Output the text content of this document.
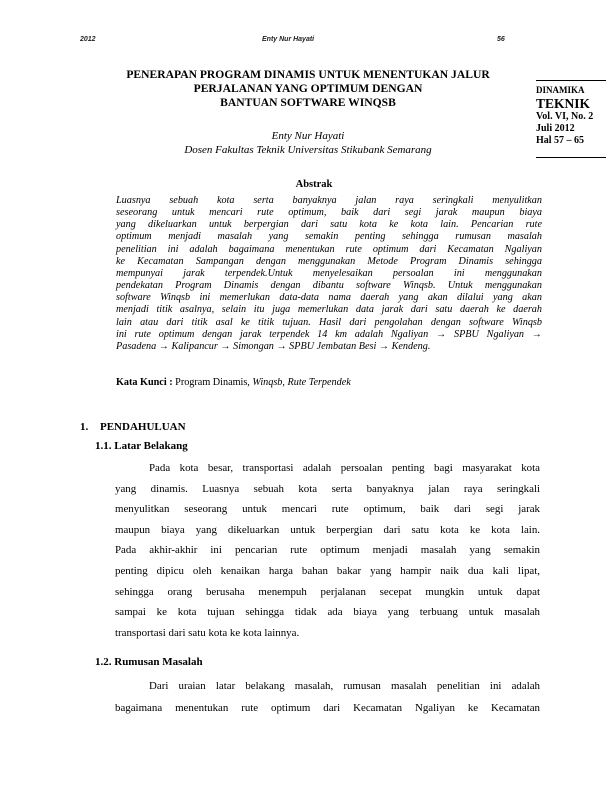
2012	Enty Nur Hayati	56
PENERAPAN PROGRAM DINAMIS UNTUK MENENTUKAN JALUR
PERJALANAN YANG OPTIMUM DENGAN
BANTUAN SOFTWARE WINQSB
DINAMIKA
TEKNIK
Vol. VI, No. 2
Juli 2012
Hal 57 – 65
Enty Nur Hayati
Dosen Fakultas Teknik Universitas Stikubank Semarang
Abstrak

Luasnya sebuah kota serta banyaknya jalan raya seringkali menyulitkan
seseorang untuk mencari rute optimum, baik dari segi jarak maupun biaya
yang dikeluarkan untuk berpergian dari satu kota ke kota lain. Pencarian rute
optimum menjadi masalah yang semakin penting sehingga rumusan masalah
penelitian ini adalah bagaimana menentukan rute optimum dari Kecamatan Ngaliyan
ke Kecamatan Sampangan dengan menggunakan Metode Program Dinamis sehingga
mempunyai jarak terpendek.Untuk menyelesaikan persoalan ini menggunakan
pendekatan Program Dinamis dengan dibantu software Winqsb. Untuk menggunakan
software Winqsb ini memerlukan data-data nama daerah yang akan dilalui yang akan
menjadi titik asalnya, selain itu juga memerlukan data jarak dari satu daerah ke daerah
lain atau dari titik asal ke titik tujuan. Hasil dari pengolahan dengan software Winqsb
ini rute optimum dengan jarak terpendek 14 km adalah Ngaliyan → SPBU Ngaliyan →
Pasadena → Kalipancur → Simongan → SPBU Jembatan Besi → Kendeng.

Kata Kunci : Program Dinamis, Winqsb, Rute Terpendek

1. PENDAHULUAN
1.1. Latar Belakang

Pada kota besar, transportasi adalah persoalan penting bagi masyarakat kota
yang dinamis. Luasnya sebuah kota serta banyaknya jalan raya seringkali
menyulitkan seseorang untuk mencari rute optimum, baik dari segi jarak
maupun biaya yang dikeluarkan untuk berpergian dari satu kota ke kota lain.
Pada akhir-akhir ini pencarian rute optimum menjadi masalah yang semakin
penting dipicu oleh kenaikan harga bahan bakar yang hampir naik dua kali lipat,
sehingga orang berusaha menempuh perjalanan secepat mungkin untuk dapat
sampai ke kota tujuan sehingga tidak ada biaya yang terbuang untuk masalah
transportasi dari satu kota ke kota lainnya.

1.2. Rumusan Masalah

Dari uraian latar belakang masalah, rumusan masalah penelitian ini adalah
bagaimana menentukan rute optimum dari Kecamatan Ngaliyan ke Kecamatan
